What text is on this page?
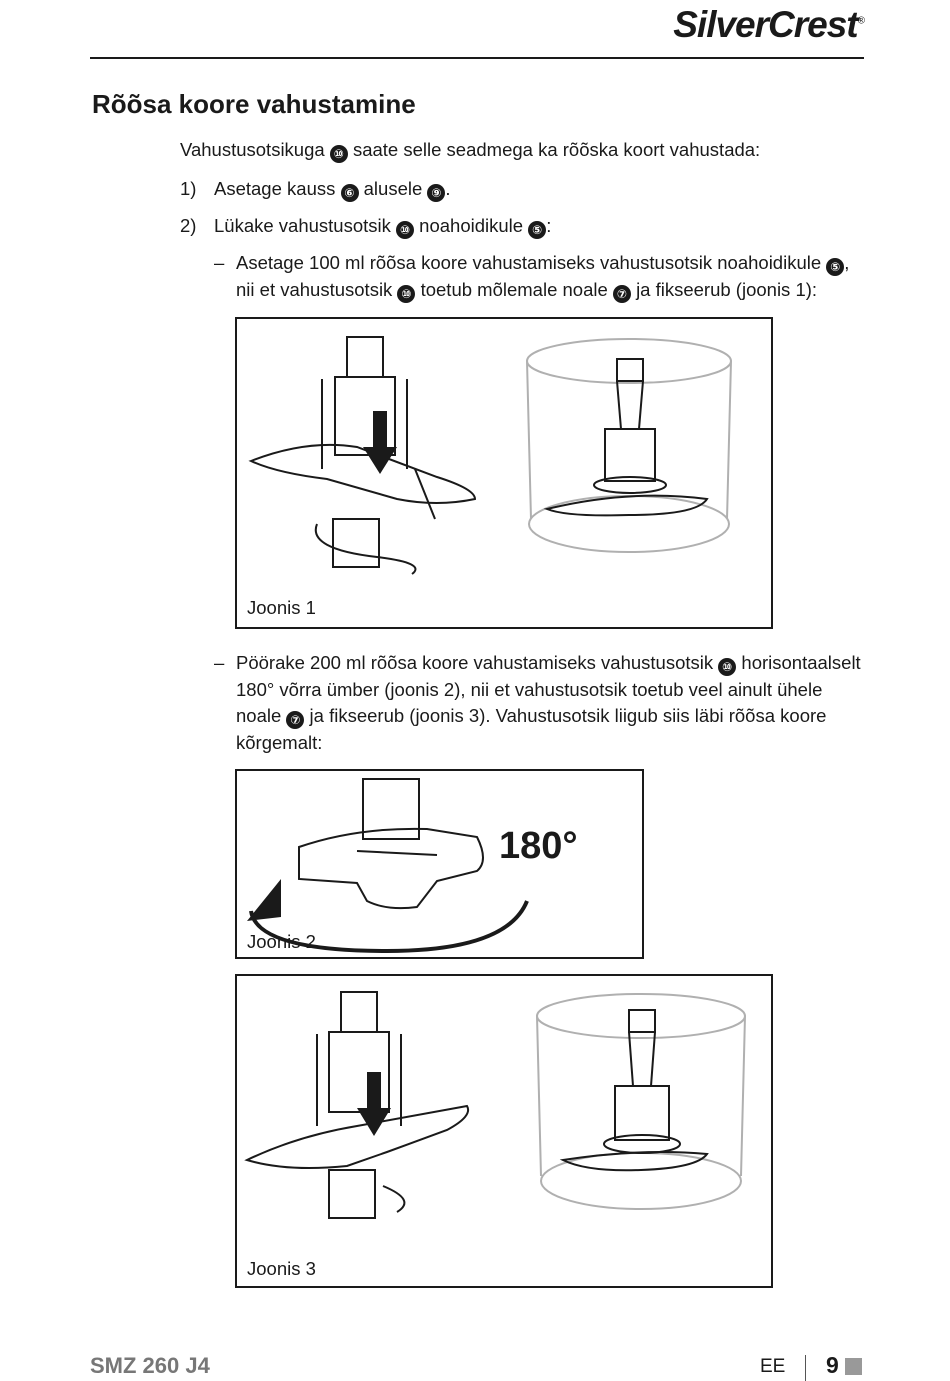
SilverCrest®
Rõõsa koore vahustamine
Vahustusotsikuga ⑩ saate selle seadmega ka rõõska koort vahustada:
1) Asetage kauss ⑥ alusele ⑨ .
2) Lükake vahustusotsik ⑩ noahoidikule ⑤ :
– Asetage 100 ml rõõsa koore vahustamiseks vahustusotsik noahoidikule ⑤ ,
nii et vahustusotsik ⑩ toetub mõlemale noale ⑦ ja fikseerub (joonis 1):
Joonis 1
– Pöörake 200 ml rõõsa koore vahustamiseks vahustusotsik ⑩ horisontaalselt
180° võrra ümber (joonis 2), nii et vahustusotsik toetub veel ainult ühele
noale ⑦ ja fikseerub (joonis 3). Vahustusotsik liigub siis läbi rõõsa koore
kõrgemalt:
180°
Joonis 2
Joonis 3
SMZ 260 J4	EE 9
